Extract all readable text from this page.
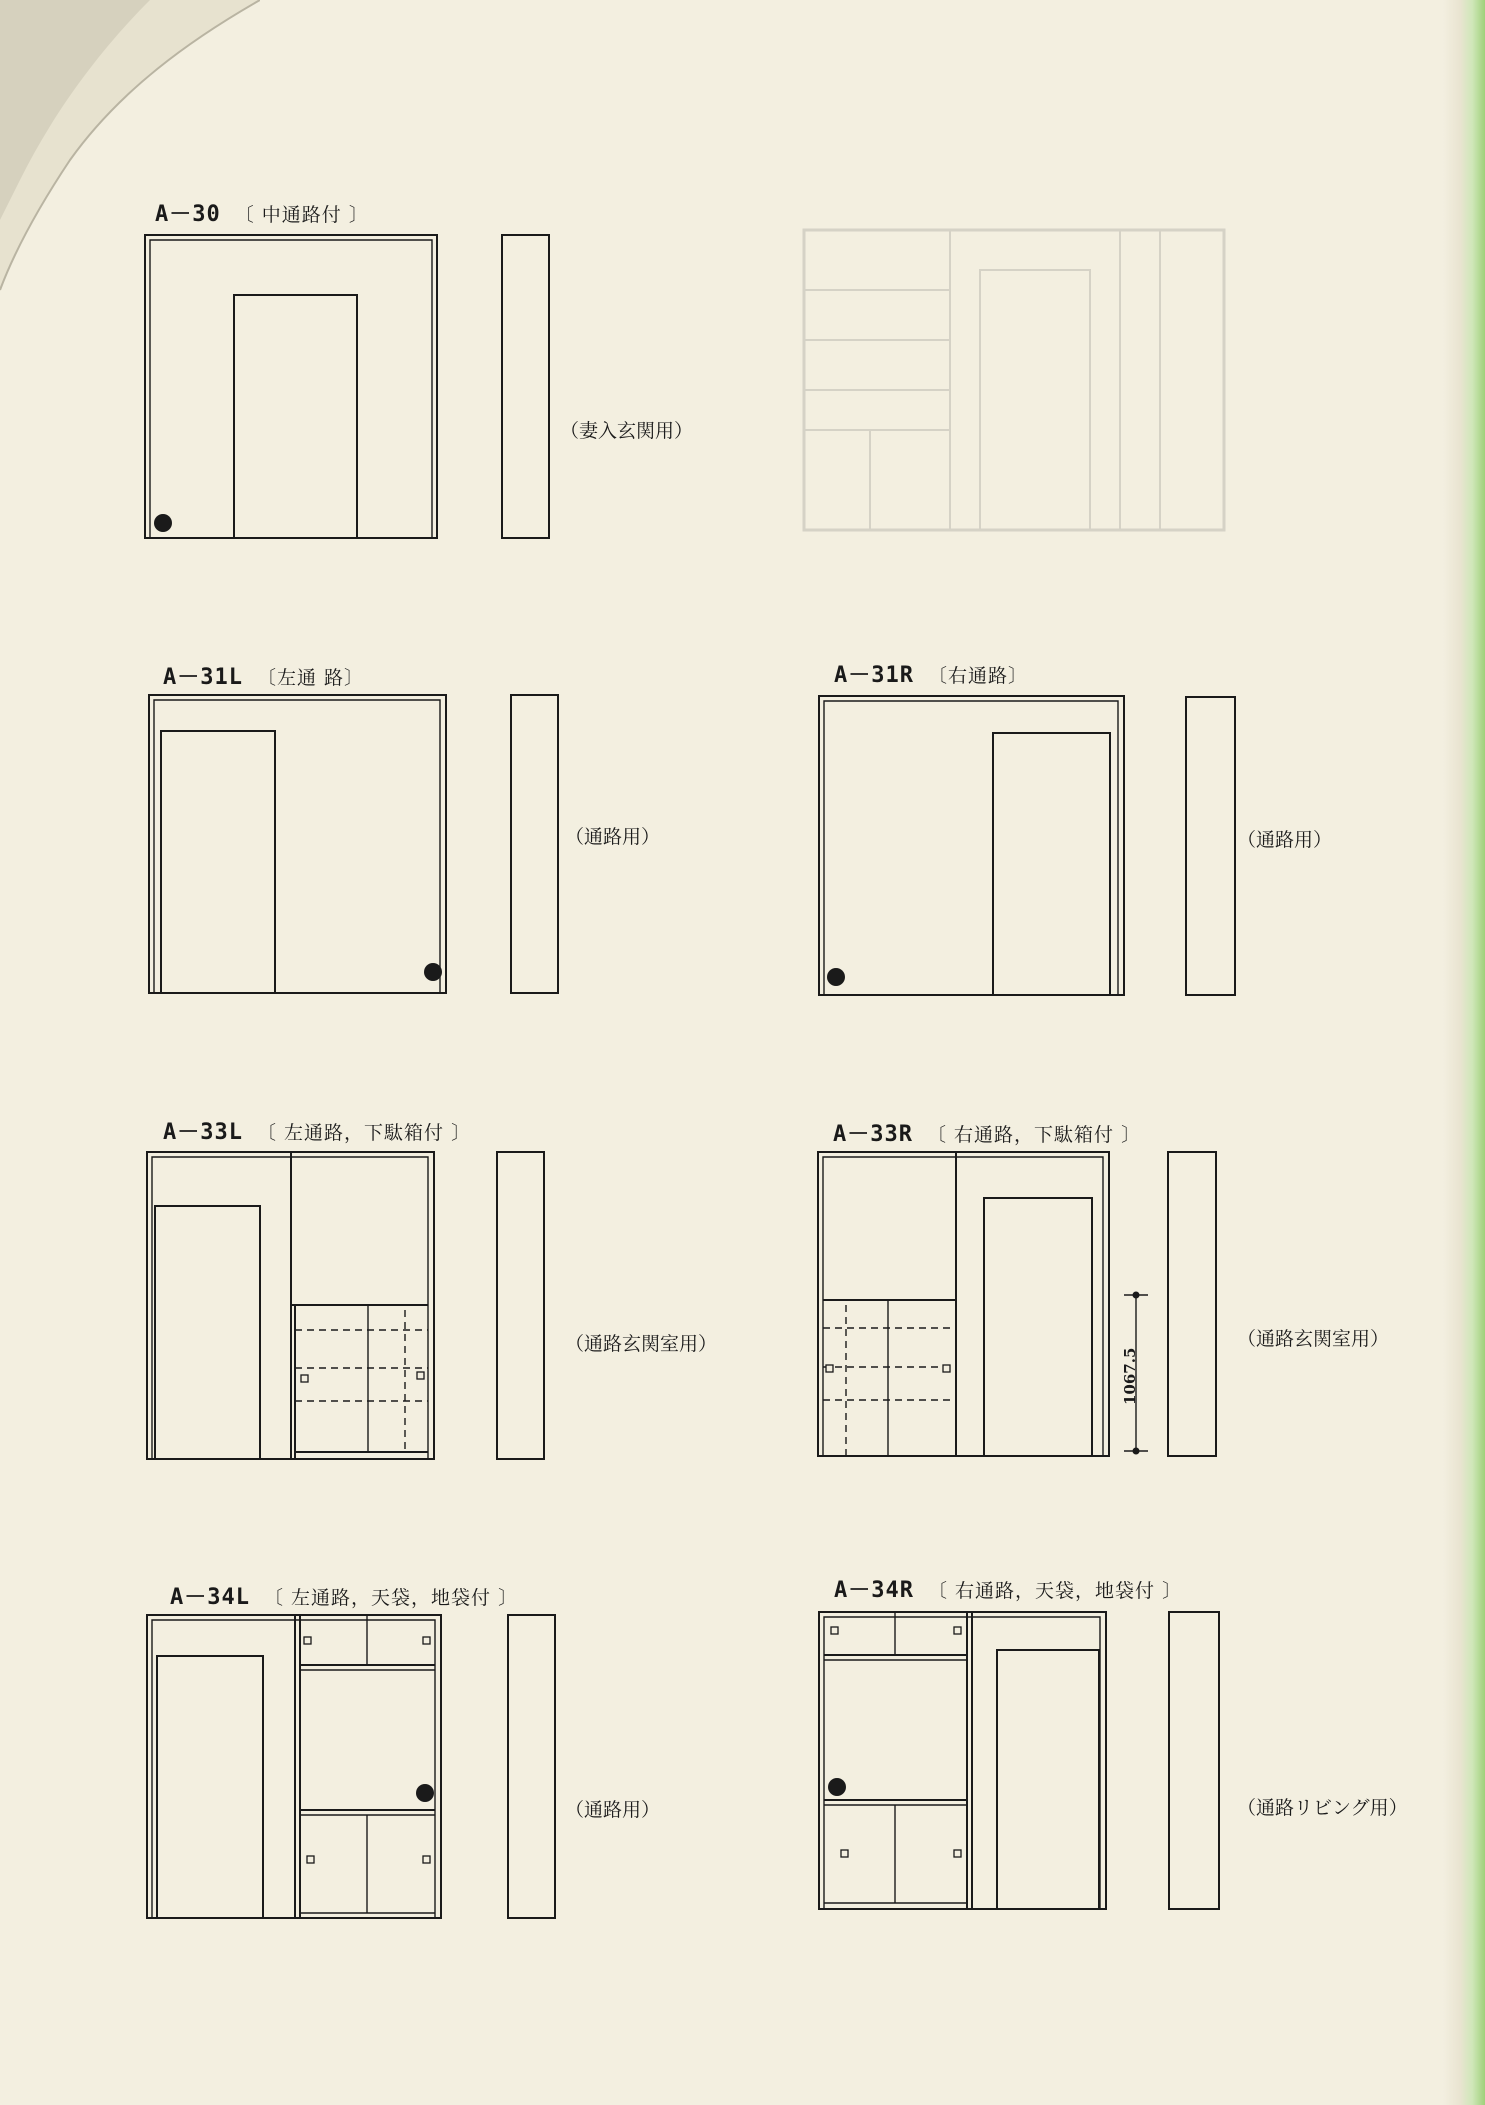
A－30 〔 中通路付 〕
（妻入玄関用）
A－31L 〔左通 路〕
（通路用）
A－31R 〔右通路〕
（通路用）
A－33L 〔 左通路，下駄箱付 〕
（通路玄関室用）
A－33R 〔 右通路，下駄箱付 〕
1067.5
（通路玄関室用）
A－34L 〔 左通路，天袋，地袋付 〕
（通路用）
A－34R 〔 右通路，天袋，地袋付 〕
（通路リビング用）
